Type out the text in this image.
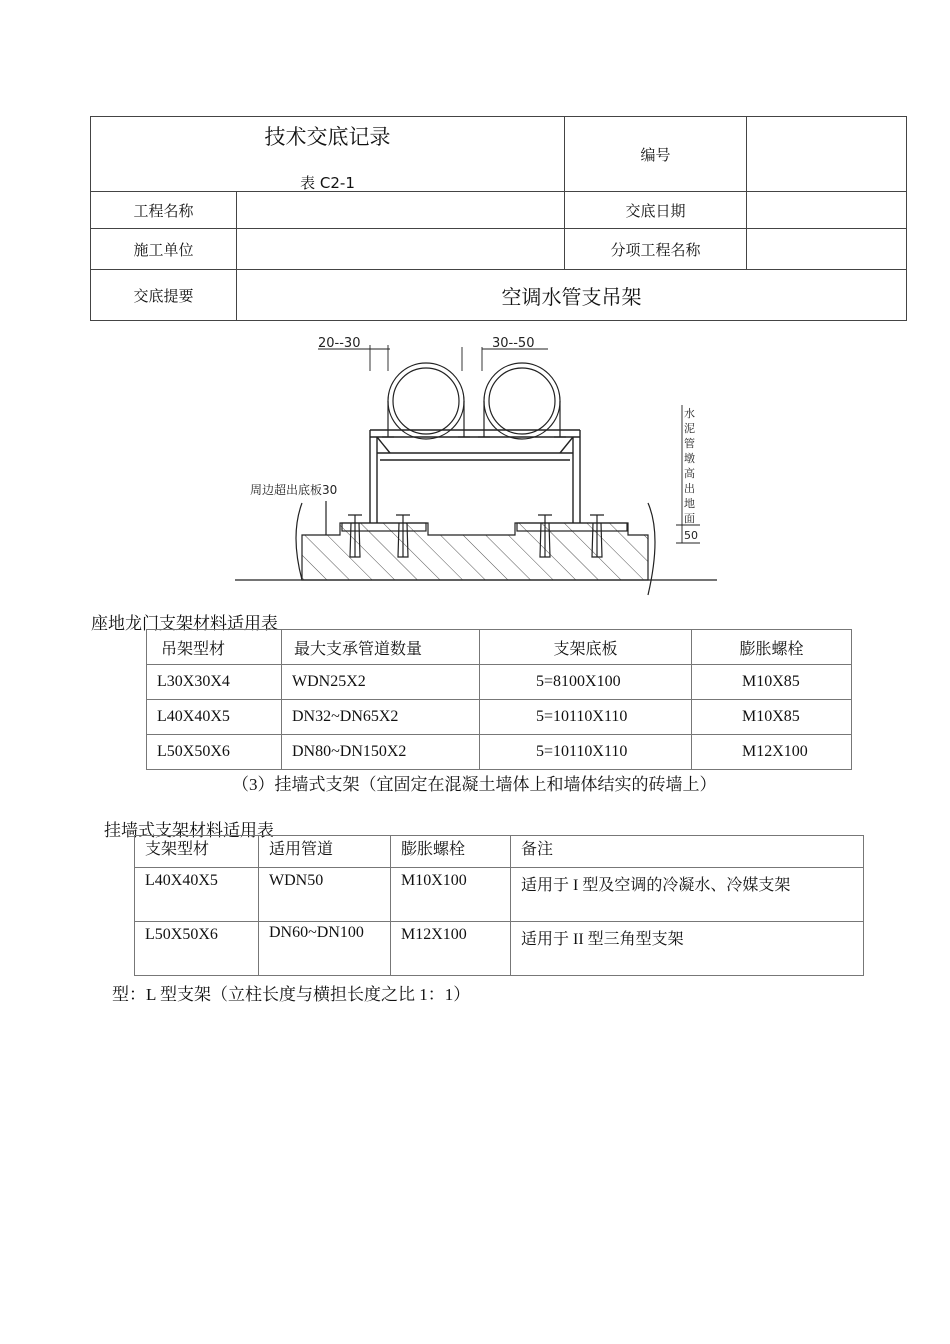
技术交底记录
表 C2-1		编号	
工程名称		交底日期	
施工单位		分项工程名称	
交底提要	空调水管支吊架		
20--30	30--50
周边超出底板30
水
泥
管
墩
高
出
地
面
50
座地龙门支架材料适用表
吊架型材	最大支承管道数量	支架底板	膨胀螺栓
L30X30X4	WDN25X2	5=8100X100	M10X85
L40X40X5	DN32~DN65X2	5=10110X110	M10X85
L50X50X6	DN80~DN150X2	5=10110X110	M12X100
（3）挂墙式支架（宜固定在混凝土墙体上和墙体结实的砖墙上）
挂墙式支架材料适用表
支架型材	适用管道	膨胀螺栓	备注
L40X40X5	WDN50	M10X100	适用于 I 型及空调的冷凝水、冷媒支架
L50X50X6	DN60~DN100	M12X100	适用于 II 型三角型支架
型：L 型支架（立柱长度与横担长度之比 1：1）
